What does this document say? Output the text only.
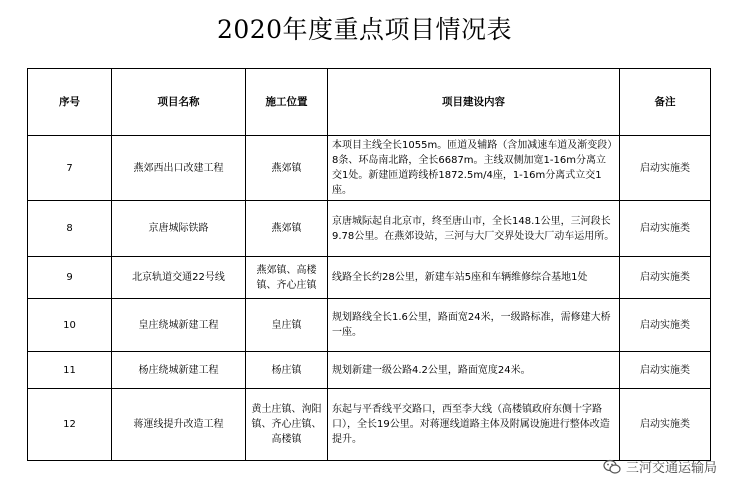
2020年度重点项目情况表
序号	项目名称	施工位置	项目建设内容	备注
7	燕郊西出口改建工程	燕郊镇	本项目主线全长1055m。匝道及辅路（含加减速车道及渐变段）8条、环岛南北路，全长6687m。主线双侧加宽1-16m分离立交1处。新建匝道跨线桥1872.5m/4座，1-16m分离式立交1座。	启动实施类
8	京唐城际铁路	燕郊镇	京唐城际起自北京市，终至唐山市，全长148.1公里，三河段长9.78公里。在燕郊设站，三河与大厂交界处设大厂动车运用所。	启动实施类
9	北京轨道交通22号线	燕郊镇、高楼镇、齐心庄镇	线路全长约28公里，新建车站5座和车辆维修综合基地1处	启动实施类
10	皇庄绕城新建工程	皇庄镇	规划路线全长1.6公里，路面宽24米，一级路标准，需修建大桥一座。	启动实施类
11	杨庄绕城新建工程	杨庄镇	规划新建一级公路4.2公里，路面宽度24米。	启动实施类
12	蒋運线提升改造工程	黄土庄镇、洵阳镇、齐心庄镇、高楼镇	东起与平香线平交路口，西至李大线（高楼镇政府东侧十字路口），全长19公里。对蒋運线道路主体及附属设施进行整体改造提升。	启动实施类
三河交通运输局
